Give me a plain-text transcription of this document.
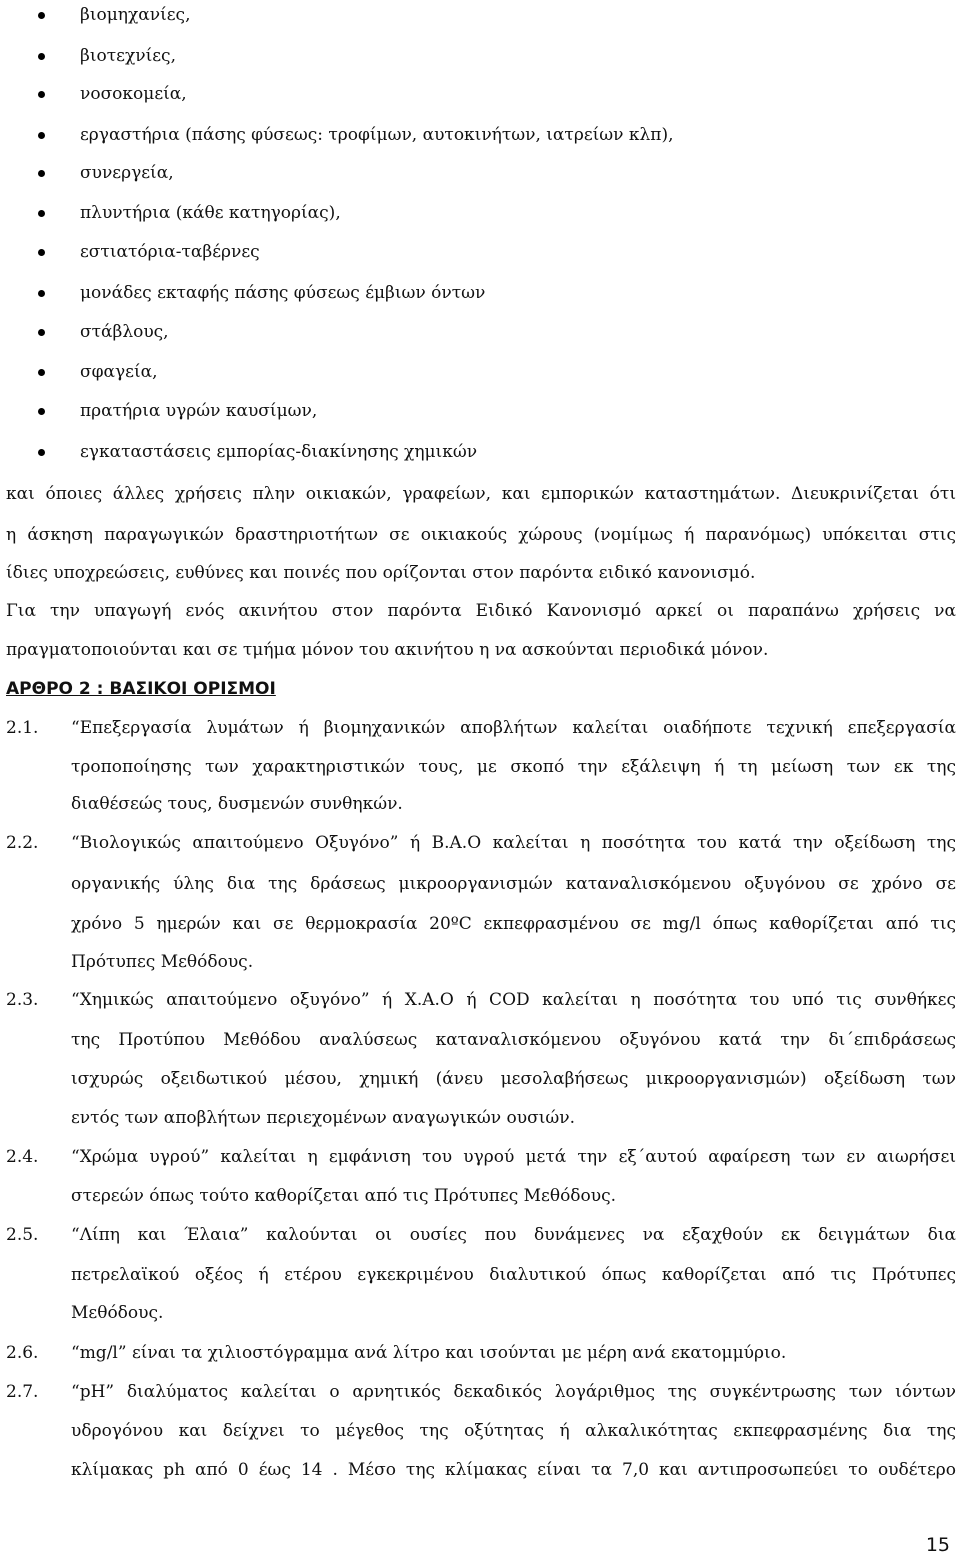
βιομηχανίες,
βιοτεχνίες,
νοσοκομεία,
εργαστήρια (πάσης φύσεως: τροφίμων, αυτοκινήτων, ιατρείων κλπ),
συνεργεία,
πλυντήρια (κάθε κατηγορίας),
εστιατόρια-ταβέρνες
μονάδες εκταφής πάσης φύσεως έμβιων όντων
στάβλους,
σφαγεία,
πρατήρια υγρών καυσίμων,
εγκαταστάσεις εμπορίας-διακίνησης χημικών
και όποιες άλλες χρήσεις πλην οικιακών, γραφείων, και εμπορικών καταστημάτων. Διευκρινίζεται ότι
η άσκηση παραγωγικών δραστηριοτήτων σε οικιακούς χώρους (νομίμως ή παρανόμως) υπόκειται στις
ίδιες υποχρεώσεις, ευθύνες και ποινές που ορίζονται στον παρόντα ειδικό κανονισμό.
Για την υπαγωγή ενός ακινήτου στον παρόντα Ειδικό Κανονισμό αρκεί οι παραπάνω χρήσεις να
πραγματοποιούνται και σε τμήμα μόνον του ακινήτου η να ασκούνται περιοδικά μόνον.
ΑΡΘΡΟ 2 : ΒΑΣΙΚΟΙ ΟΡΙΣΜΟΙ
2.1. “Επεξεργασία λυμάτων ή βιομηχανικών αποβλήτων καλείται οιαδήποτε τεχνική επεξεργασία
τροποποίησης των χαρακτηριστικών τους, με σκοπό την εξάλειψη ή τη μείωση των εκ της
διαθέσεώς τους, δυσμενών συνθηκών.
2.2. “Βιολογικώς απαιτούμενο Οξυγόνο” ή Β.Α.Ο καλείται η ποσότητα του κατά την οξείδωση της
οργανικής ύλης δια της δράσεως μικροοργανισμών καταναλισκόμενου οξυγόνου σε χρόνο σε
χρόνο 5 ημερών και σε θερμοκρασία 20ºC εκπεφρασμένου σε mg/l όπως καθορίζεται από τις
Πρότυπες Μεθόδους.
2.3. “Χημικώς απαιτούμενο οξυγόνο” ή Χ.Α.Ο ή COD καλείται η ποσότητα του υπό τις συνθήκες
της Προτύπου Μεθόδου αναλύσεως καταναλισκόμενου οξυγόνου κατά την δι΄επιδράσεως
ισχυρώς οξειδωτικού μέσου, χημική (άνευ μεσολαβήσεως μικροοργανισμών) οξείδωση των
εντός των αποβλήτων περιεχομένων αναγωγικών ουσιών.
2.4. “Χρώμα υγρού” καλείται η εμφάνιση του υγρού μετά την εξ΄αυτού αφαίρεση των εν αιωρήσει
στερεών όπως τούτο καθορίζεται από τις Πρότυπες Μεθόδους.
2.5. “Λίπη και Έλαια” καλούνται οι ουσίες που δυνάμενες να εξαχθούν εκ δειγμάτων δια
πετρελαϊκού οξέος ή ετέρου εγκεκριμένου διαλυτικού όπως καθορίζεται από τις Πρότυπες
Μεθόδους.
2.6. “mg/l” είναι τα χιλιοστόγραμμα ανά λίτρο και ισούνται με μέρη ανά εκατομμύριο.
2.7. “pH” διαλύματος καλείται ο αρνητικός δεκαδικός λογάριθμος της συγκέντρωσης των ιόντων
υδρογόνου και δείχνει το μέγεθος της οξύτητας ή αλκαλικότητας εκπεφρασμένης δια της
κλίμακας ph από 0 έως 14 . Μέσο της κλίμακας είναι τα 7,0 και αντιπροσωπεύει το ουδέτερο
15
